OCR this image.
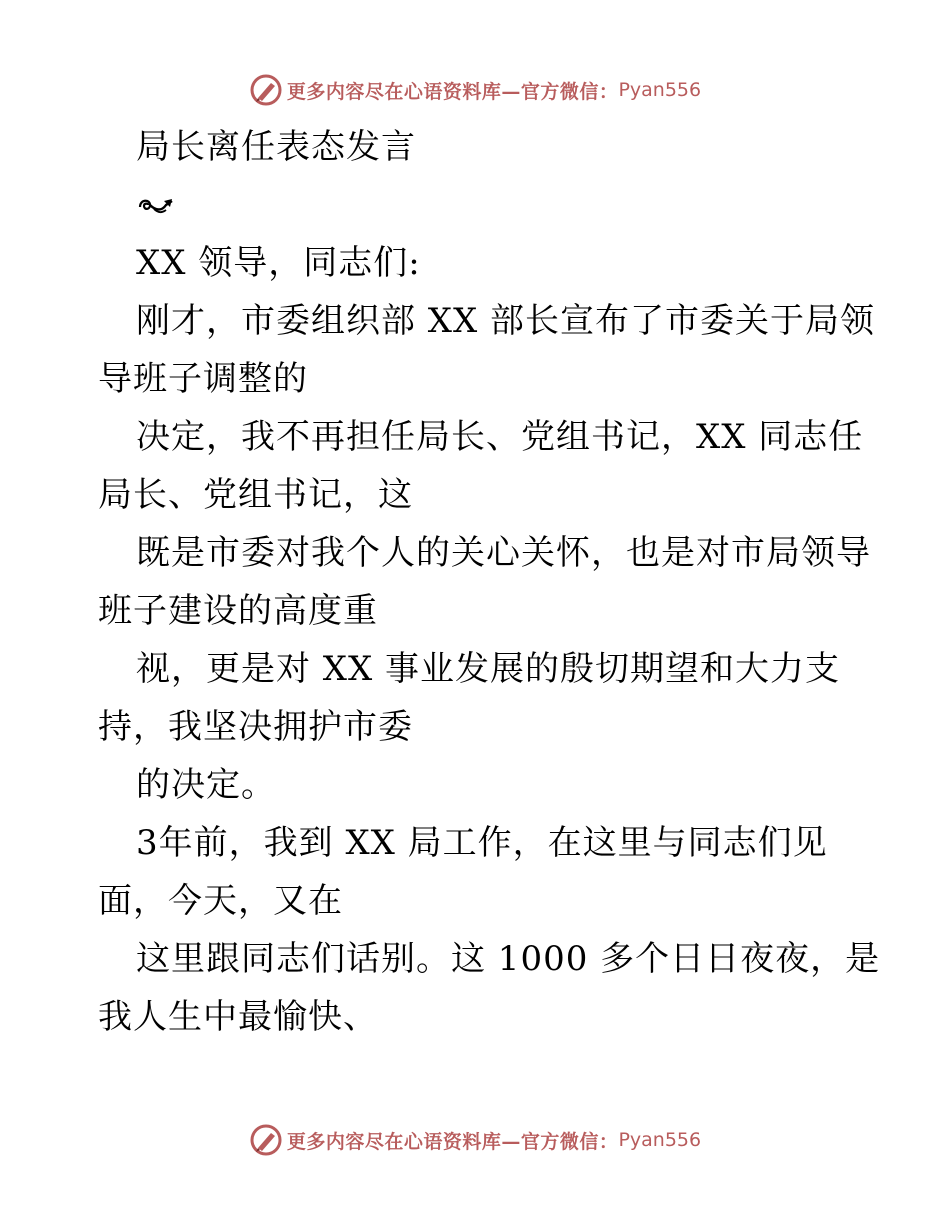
更多内容尽在心语资料库 —官方微信： Pyan556
局长离任表态发言
XX 领导，同志们:
刚才，市委组织部 XX 部长宣布了市委关于局领
导班子调整的
决定，我不再担任局长、党组书记，XX 同志任
局长、党组书记，这
既是市委对我个人的关心关怀，也是对市局领导
班子建设的高度重
视，更是对 XX 事业发展的殷切期望和大力支
持，我坚决拥护市委
的决定。
3年前，我到 XX 局工作，在这里与同志们见
面，今天，又在
这里跟同志们话别。这 1000 多个日日夜夜，是
我人生中最愉快、
更多内容尽在心语资料库 —官方微信： Pyan556
